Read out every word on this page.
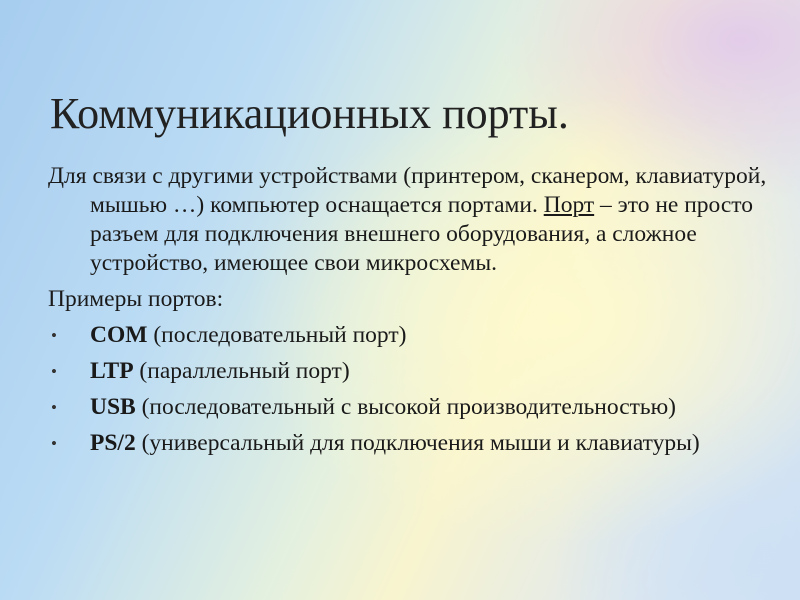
Коммуникационных порты.

Для связи с другими устройствами (принтером, сканером, клавиатурой, мышью …) компьютер оснащается портами. Порт – это не просто разъем для подключения внешнего оборудования, а сложное устройство, имеющее свои микросхемы.

Примеры портов:

• COM (последовательный порт)
• LTP (параллельный порт)
• USB (последовательный с высокой производительностью)
• PS/2 (универсальный для подключения мыши и клавиатуры)
